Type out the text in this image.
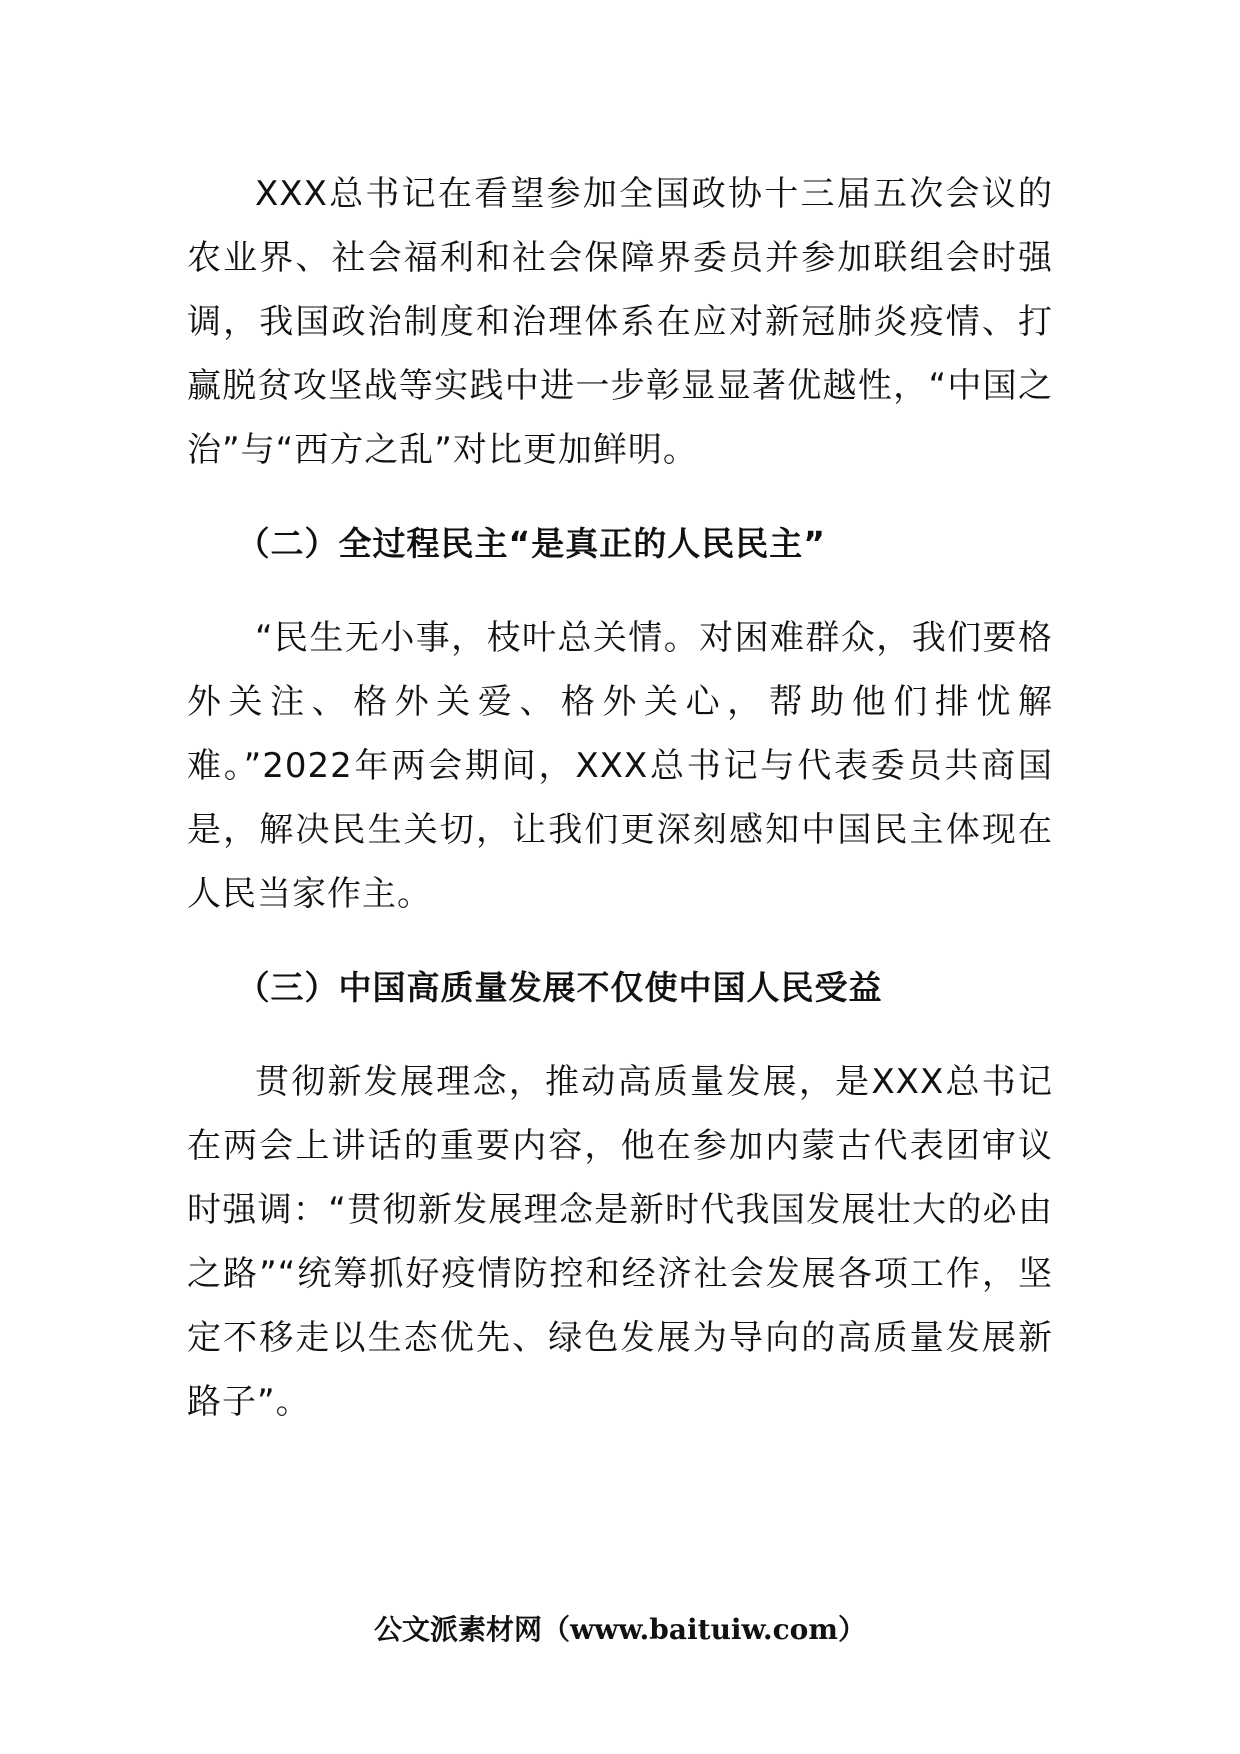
XXX总书记在看望参加全国政协十三届五次会议的农业界、社会福利和社会保障界委员并参加联组会时强调，我国政治制度和治理体系在应对新冠肺炎疫情、打赢脱贫攻坚战等实践中进一步彰显显著优越性，“中国之治”与“西方之乱”对比更加鲜明。

（二）全过程民主“是真正的人民民主”

“民生无小事，枝叶总关情。对困难群众，我们要格外关注、格外关爱、格外关心，帮助他们排忧解难。”2022年两会期间，XXX总书记与代表委员共商国是，解决民生关切，让我们更深刻感知中国民主体现在人民当家作主。

（三）中国高质量发展不仅使中国人民受益

贯彻新发展理念，推动高质量发展，是XXX总书记在两会上讲话的重要内容，他在参加内蒙古代表团审议时强调：“贯彻新发展理念是新时代我国发展壮大的必由之路”“统筹抓好疫情防控和经济社会发展各项工作，坚定不移走以生态优先、绿色发展为导向的高质量发展新路子”。

公文派素材网（www.baituiw.com）
